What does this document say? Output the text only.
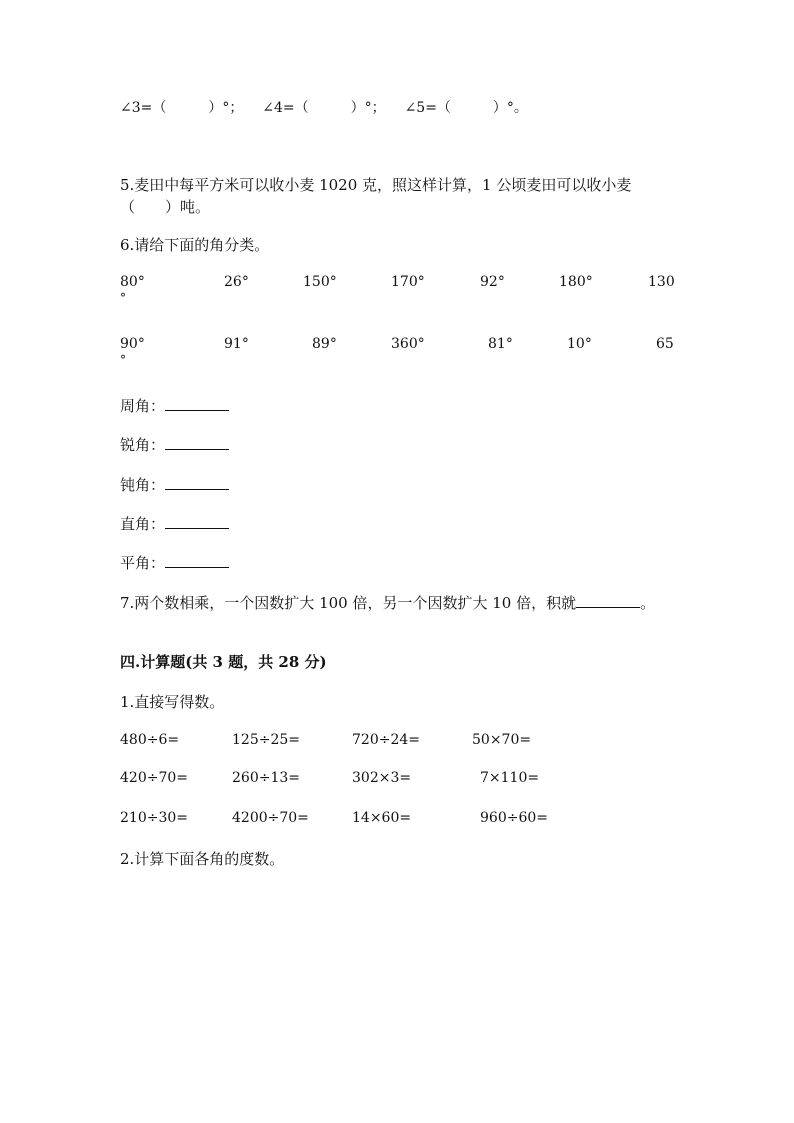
∠3=（　　　）°； ∠4=（　　　）°； ∠5=（　　　）°。
5.麦田中每平方米可以收小麦 1020 克，照这样计算，1 公顷麦田可以收小麦
（　　）吨。
6.请给下面的角分类。
80°	26°	150°	170°	92°	180°	130
°
90°	91°	89°	360°	81°	10°	65
°
周角：
锐角：
钝角：
直角：
平角：
7.两个数相乘，一个因数扩大 100 倍，另一个因数扩大 10 倍，积就	。
四.计算题(共 3 题，共 28 分)
1.直接写得数。
480÷6=	125÷25=	720÷24=	50×70=
420÷70=	260÷13=	302×3=	7×110=
210÷30=	4200÷70=	14×60=	960÷60=
2.计算下面各角的度数。
